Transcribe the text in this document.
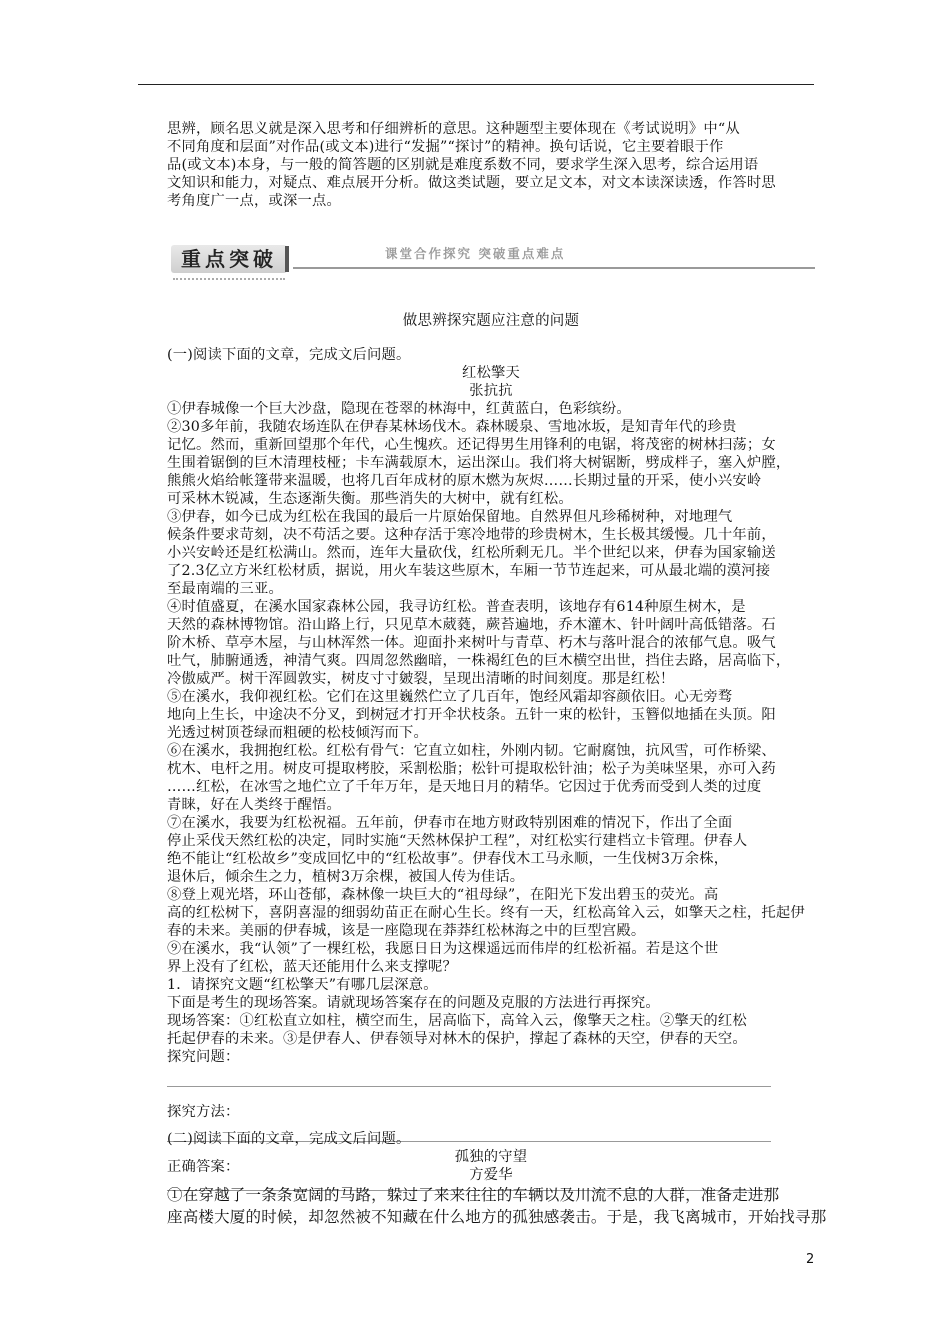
思辨，顾名思义就是深入思考和仔细辨析的意思。这种题型主要体现在《考试说明》中“从
不同角度和层面”对作品(或文本)进行“发掘”“探讨”的精神。换句话说，它主要着眼于作
品(或文本)本身，与一般的简答题的区别就是难度系数不同，要求学生深入思考，综合运用语
文知识和能力，对疑点、难点展开分析。做这类试题，要立足文本，对文本读深读透，作答时思
考角度广一点，或深一点。
重点突破	课堂合作探究 突破重点难点
做思辨探究题应注意的问题
(一)阅读下面的文章，完成文后问题。
红松擎天
张抗抗
①伊春城像一个巨大沙盘，隐现在苍翠的林海中，红黄蓝白，色彩缤纷。
②30多年前，我随农场连队在伊春某林场伐木。森林暖泉、雪地冰坂，是知青年代的珍贵
记忆。然而，重新回望那个年代，心生愧疚。还记得男生用锋利的电锯，将茂密的树林扫荡；女
生围着锯倒的巨木清理枝桠；卡车满载原木，运出深山。我们将大树锯断，劈成柈子，塞入炉膛，
熊熊火焰给帐篷带来温暖，也将几百年成材的原木燃为灰烬……长期过量的开采，使小兴安岭
可采林木锐减，生态逐渐失衡。那些消失的大树中，就有红松。
③伊春，如今已成为红松在我国的最后一片原始保留地。自然界但凡珍稀树种，对地理气
候条件要求苛刻，决不苟活之要。这种存活于寒冷地带的珍贵树木，生长极其缓慢。几十年前，
小兴安岭还是红松满山。然而，连年大量砍伐，红松所剩无几。半个世纪以来，伊春为国家输送
了2.3亿立方米红松材质，据说，用火车装这些原木，车厢一节节连起来，可从最北端的漠河接
至最南端的三亚。
④时值盛夏，在溪水国家森林公园，我寻访红松。普查表明，该地存有614种原生树木，是
天然的森林博物馆。沿山路上行，只见草木葳蕤，蕨苔遍地，乔木灌木、针叶阔叶高低错落。石
阶木桥、草亭木屋，与山林浑然一体。迎面扑来树叶与青草、朽木与落叶混合的浓郁气息。吸气
吐气，肺腑通透，神清气爽。四周忽然幽暗，一株褐红色的巨木横空出世，挡住去路，居高临下，
冷傲威严。树干浑圆敦实，树皮寸寸皴裂，呈现出清晰的时间刻度。那是红松！
⑤在溪水，我仰视红松。它们在这里巍然伫立了几百年，饱经风霜却容颜依旧。心无旁骛
地向上生长，中途决不分叉，到树冠才打开伞状枝条。五针一束的松针，玉簪似地插在头顶。阳
光透过树顶苍绿而粗硬的松枝倾泻而下。
⑥在溪水，我拥抱红松。红松有骨气：它直立如柱，外刚内韧。它耐腐蚀，抗风雪，可作桥梁、
枕木、电杆之用。树皮可提取栲胶，采割松脂；松针可提取松针油；松子为美味坚果，亦可入药
……红松，在冰雪之地伫立了千年万年，是天地日月的精华。它因过于优秀而受到人类的过度
青睐，好在人类终于醒悟。
⑦在溪水，我要为红松祝福。五年前，伊春市在地方财政特别困难的情况下，作出了全面
停止采伐天然红松的决定，同时实施“天然林保护工程”，对红松实行建档立卡管理。伊春人
绝不能让“红松故乡”变成回忆中的“红松故事”。伊春伐木工马永顺，一生伐树3万余株，
退休后，倾余生之力，植树3万余棵，被国人传为佳话。
⑧登上观光塔，环山苍郁，森林像一块巨大的“祖母绿”，在阳光下发出碧玉的荧光。高
高的红松树下，喜阴喜湿的细弱幼苗正在耐心生长。终有一天，红松高耸入云，如擎天之柱，托起伊
春的未来。美丽的伊春城，该是一座隐现在莽莽红松林海之中的巨型宫殿。
⑨在溪水，我“认领”了一棵红松，我愿日日为这棵遥远而伟岸的红松祈福。若是这个世
界上没有了红松，蓝天还能用什么来支撑呢？
1．请探究文题“红松擎天”有哪几层深意。
下面是考生的现场答案。请就现场答案存在的问题及克服的方法进行再探究。
现场答案：①红松直立如柱，横空而生，居高临下，高耸入云，像擎天之柱。②擎天的红松
托起伊春的未来。③是伊春人、伊春领导对林木的保护，撑起了森林的天空，伊春的天空。
探究问题：
探究方法：
正确答案：
(二)阅读下面的文章，完成文后问题。
孤独的守望
方爱华
①在穿越了一条条宽阔的马路，躲过了来来往往的车辆以及川流不息的人群，准备走进那
座高楼大厦的时候，却忽然被不知藏在什么地方的孤独感袭击。于是，我飞离城市，开始找寻那
2
